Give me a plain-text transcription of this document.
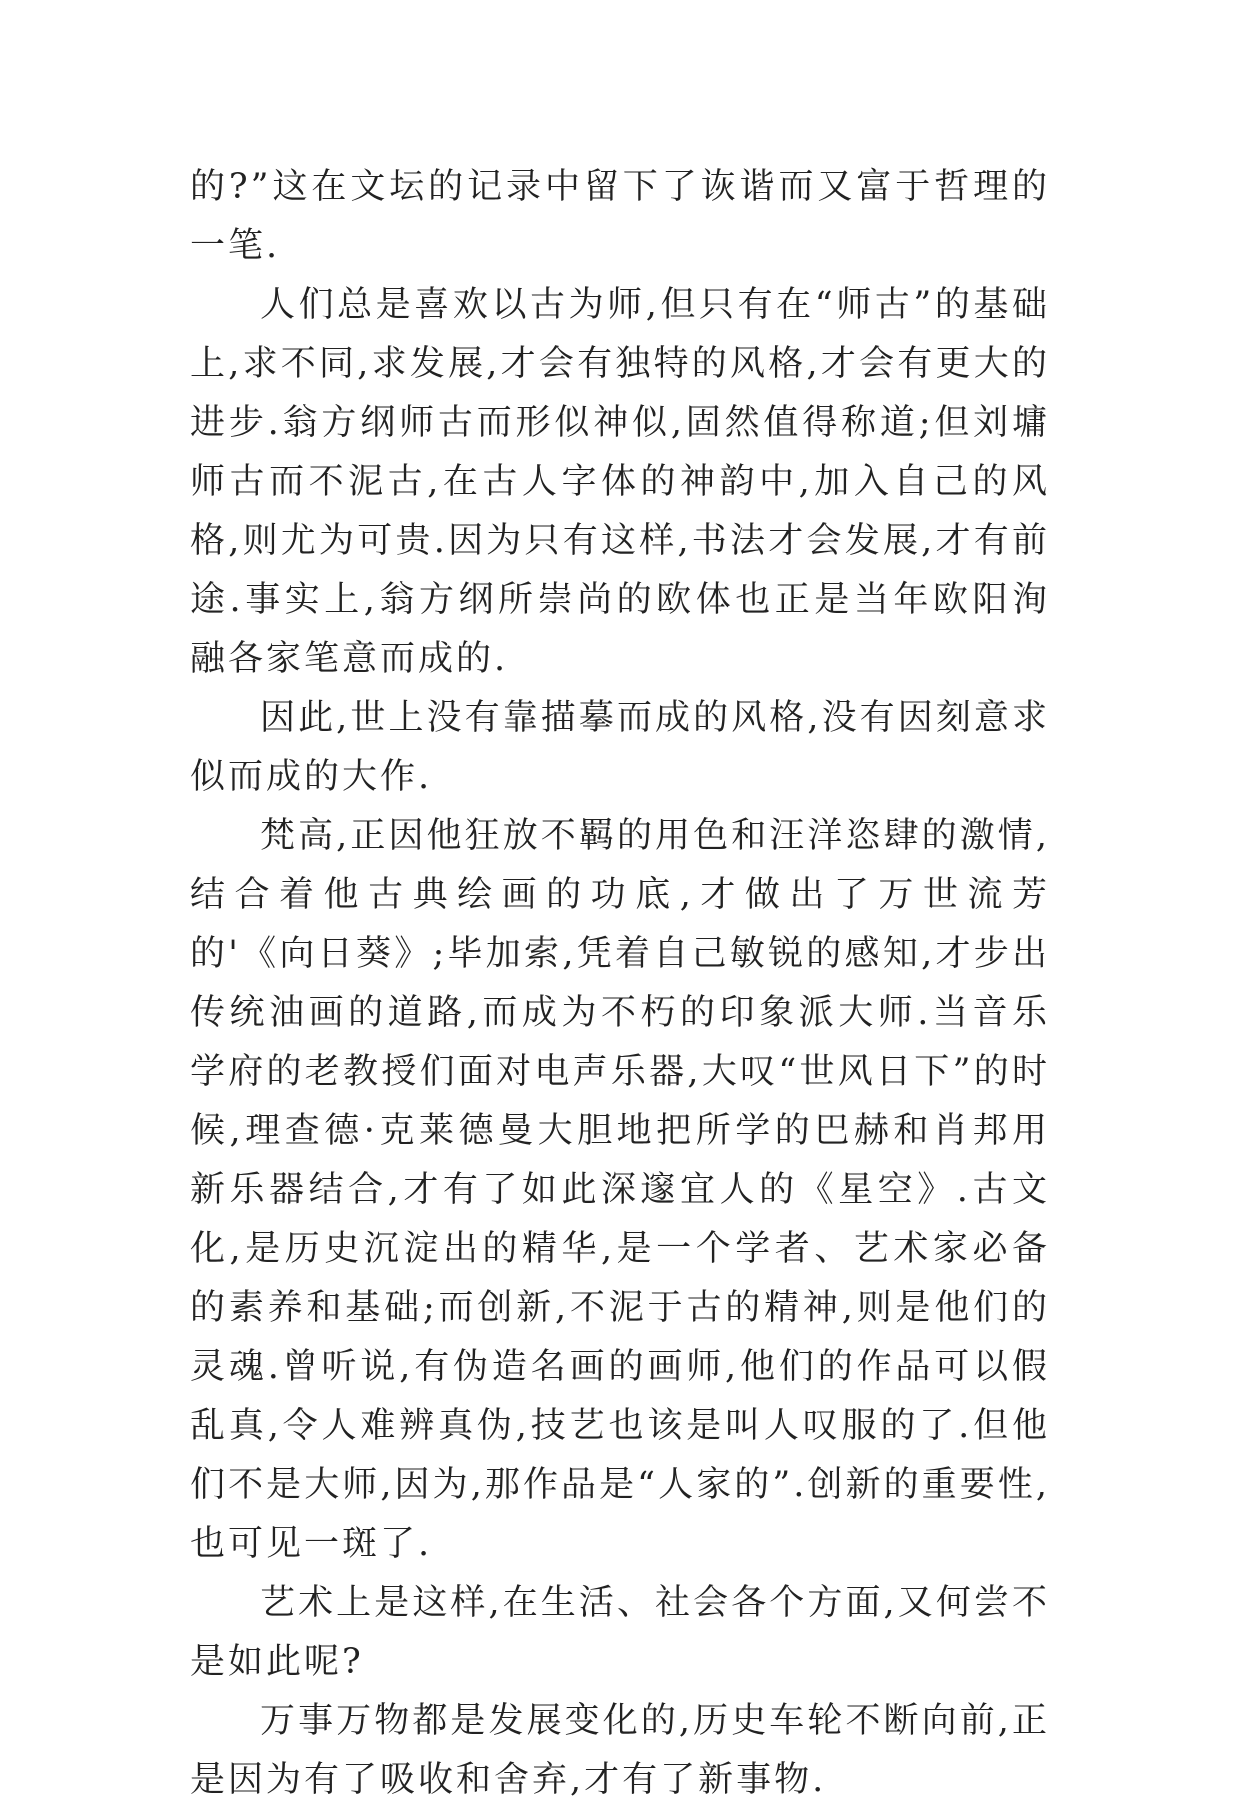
的?”这在文坛的记录中留下了诙谐而又富于哲理的一笔.

人们总是喜欢以古为师,但只有在“师古”的基础上,求不同,求发展,才会有独特的风格,才会有更大的进步.翁方纲师古而形似神似,固然值得称道;但刘墉师古而不泥古,在古人字体的神韵中,加入自己的风格,则尤为可贵.因为只有这样,书法才会发展,才有前途.事实上,翁方纲所崇尚的欧体也正是当年欧阳洵融各家笔意而成的.

因此,世上没有靠描摹而成的风格,没有因刻意求似而成的大作.

梵高,正因他狂放不羁的用色和汪洋恣肆的激情,结合着他古典绘画的功底,才做出了万世流芳的'《向日葵》;毕加索,凭着自己敏锐的感知,才步出传统油画的道路,而成为不朽的印象派大师.当音乐学府的老教授们面对电声乐器,大叹“世风日下”的时候,理查德·克莱德曼大胆地把所学的巴赫和肖邦用新乐器结合,才有了如此深邃宜人的《星空》.古文化,是历史沉淀出的精华,是一个学者、艺术家必备的素养和基础;而创新,不泥于古的精神,则是他们的灵魂.曾听说,有伪造名画的画师,他们的作品可以假乱真,令人难辨真伪,技艺也该是叫人叹服的了.但他们不是大师,因为,那作品是“人家的”.创新的重要性,也可见一斑了.

艺术上是这样,在生活、社会各个方面,又何尝不是如此呢?

万事万物都是发展变化的,历史车轮不断向前,正是因为有了吸收和舍弃,才有了新事物.
